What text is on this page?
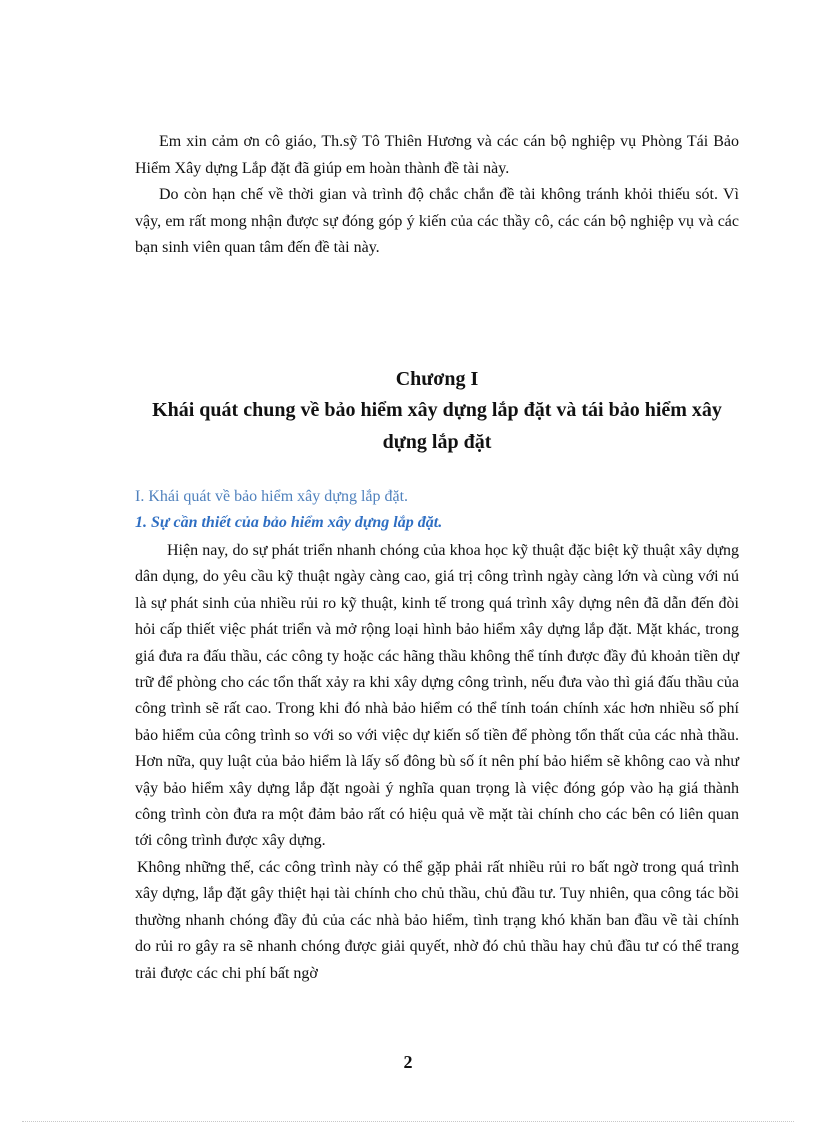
Em xin cảm ơn cô giáo, Th.sỹ Tô Thiên Hương và các cán bộ nghiệp vụ Phòng Tái Bảo Hiểm Xây dựng Lắp đặt đã giúp em hoàn thành đề tài này.

Do còn hạn chế về thời gian và trình độ chắc chắn đề tài không tránh khỏi thiếu sót. Vì vậy, em rất mong nhận được sự đóng góp ý kiến của các thầy cô, các cán bộ nghiệp vụ và các bạn sinh viên quan tâm đến đề tài này.

Chương I

Khái quát chung về bảo hiểm xây dựng lắp đặt và tái bảo hiểm xây dựng lắp đặt

I. Khái quát về bảo hiểm xây dựng lắp đặt.

1. Sự cần thiết của bảo hiểm xây dựng lắp đặt.

Hiện nay, do sự phát triển nhanh chóng của khoa học kỹ thuật đặc biệt kỹ thuật xây dựng dân dụng, do yêu cầu kỹ thuật ngày càng cao, giá trị công trình ngày càng lớn và cùng với nú là sự phát sinh của nhiều rủi ro kỹ thuật, kinh tế trong quá trình xây dựng nên đã dẫn đến đòi hỏi cấp thiết việc phát triển và mở rộng loại hình bảo hiểm xây dựng lắp đặt. Mặt khác, trong giá đưa ra đấu thầu, các công ty hoặc các hãng thầu không thể tính được đầy đủ khoản tiền dự trữ để phòng cho các tổn thất xảy ra khi xây dựng công trình, nếu đưa vào thì giá đấu thầu của công trình sẽ rất cao. Trong khi đó nhà bảo hiểm có thể tính toán chính xác hơn nhiều số phí bảo hiểm của công trình so với so với việc dự kiến số tiền để phòng tổn thất của các nhà thầu. Hơn nữa, quy luật của bảo hiểm là lấy số đông bù số ít nên phí bảo hiểm sẽ không cao và như vậy bảo hiểm xây dựng lắp đặt ngoài ý nghĩa quan trọng là việc đóng góp vào hạ giá thành công trình còn đưa ra một đảm bảo rất có hiệu quả về mặt tài chính cho các bên có liên quan tới công trình được xây dựng.

Không những thế, các công trình này có thể gặp phải rất nhiều rủi ro bất ngờ trong quá trình xây dựng, lắp đặt gây thiệt hại tài chính cho chủ thầu, chủ đầu tư. Tuy nhiên, qua công tác bồi thường nhanh chóng đầy đủ của các nhà bảo hiểm, tình trạng khó khăn ban đầu về tài chính do rủi ro gây ra sẽ nhanh chóng được giải quyết, nhờ đó chủ thầu hay chủ đầu tư có thể trang trải được các chi phí bất ngờ

2
